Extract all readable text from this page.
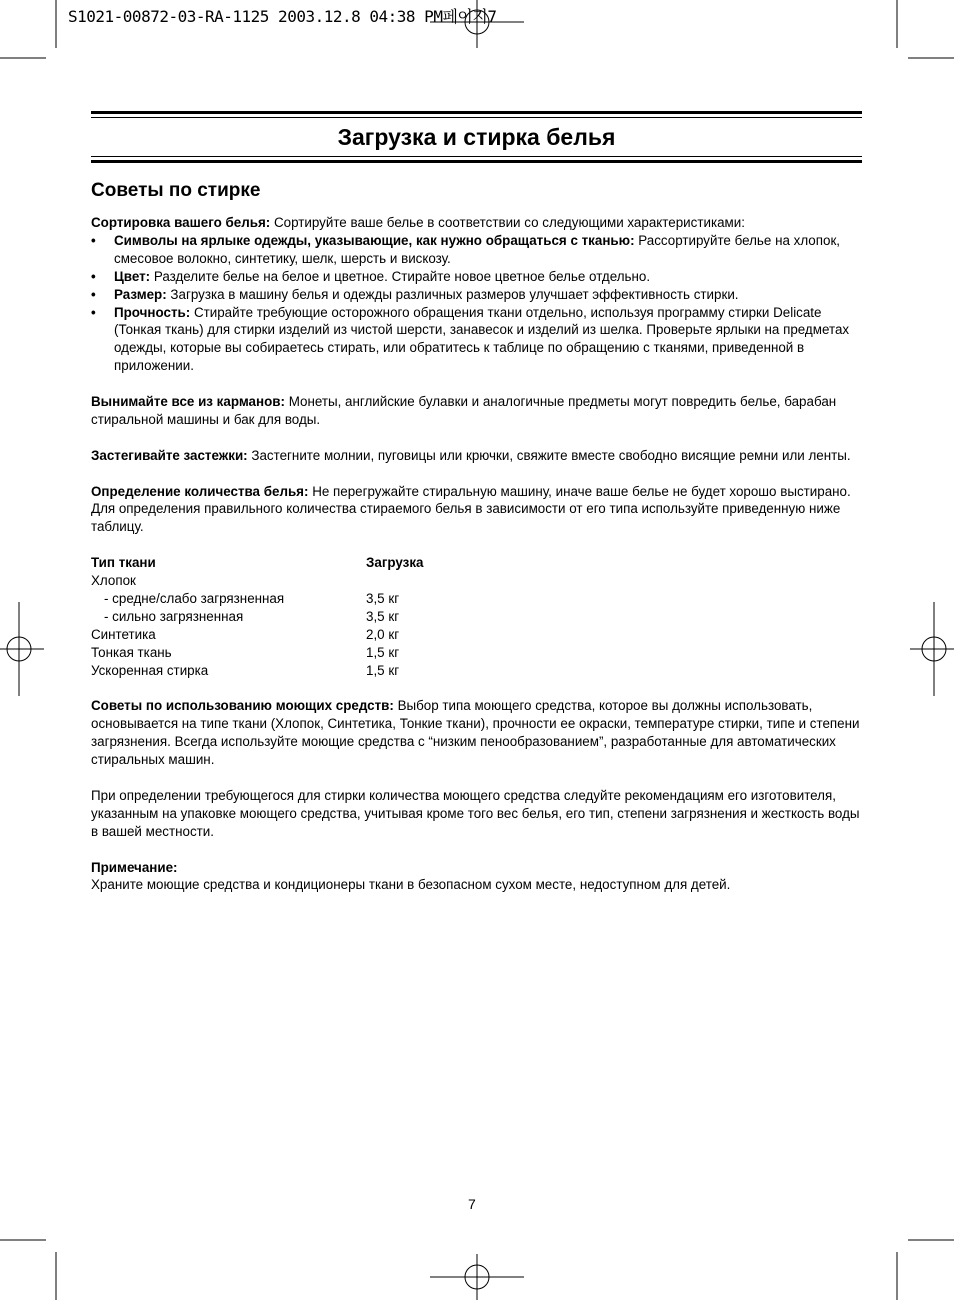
S1021-00872-03-RA-1125 2003.12.8 04:38 PM페이지7
Загрузка и стирка белья
Советы по стирке

Сортировка вашего белья: Сортируйте ваше белье в соответствии со следующими характеристиками:

• Символы на ярлыке одежды, указывающие, как нужно обращаться с тканью: Рассортируйте белье на хлопок, смесовое волокно, синтетику, шелк, шерсть и вискозу.
• Цвет: Разделите белье на белое и цветное. Стирайте новое цветное белье отдельно.
• Размер: Загрузка в машину белья и одежды различных размеров улучшает эффективность стирки.
• Прочность: Стирайте требующие осторожного обращения ткани отдельно, используя программу стирки Delicate (Тонкая ткань) для стирки изделий из чистой шерсти, занавесок и изделий из шелка. Проверьте ярлыки на предметах одежды, которые вы собираетесь стирать, или обратитесь к таблице по обращению с тканями, приведенной в приложении.

Вынимайте все из карманов: Монеты, английские булавки и аналогичные предметы могут повредить белье, барабан стиральной машины и бак для воды.

Застегивайте застежки: Застегните молнии, пуговицы или крючки, свяжите вместе свободно висящие ремни или ленты.

Определение количества белья: Не перегружайте стиральную машину, иначе ваше белье не будет хорошо выстирано. Для определения правильного количества стираемого белья в зависимости от его типа используйте приведенную ниже таблицу.

Тип ткани	Загрузка
Хлопок	
- средне/слабо загрязненная	3,5 кг
- сильно загрязненная	3,5 кг
Синтетика	2,0 кг
Тонкая ткань	1,5 кг
Ускоренная стирка	1,5 кг

Советы по использованию моющих средств: Выбор типа моющего средства, которое вы должны использовать, основывается на типе ткани (Хлопок, Синтетика, Тонкие ткани), прочности ее окраски, температуре стирки, типе и степени загрязнения. Всегда используйте моющие средства с “низким пенообразованием”, разработанные для автоматических стиральных машин.

При определении требующегося для стирки количества моющего средства следуйте рекомендациям его изготовителя, указанным на упаковке моющего средства, учитывая кроме того вес белья, его тип, степени загрязнения и жесткость воды в вашей местности.

Примечание:

Храните моющие средства и кондиционеры ткани в безопасном сухом месте, недоступном для детей.

7
